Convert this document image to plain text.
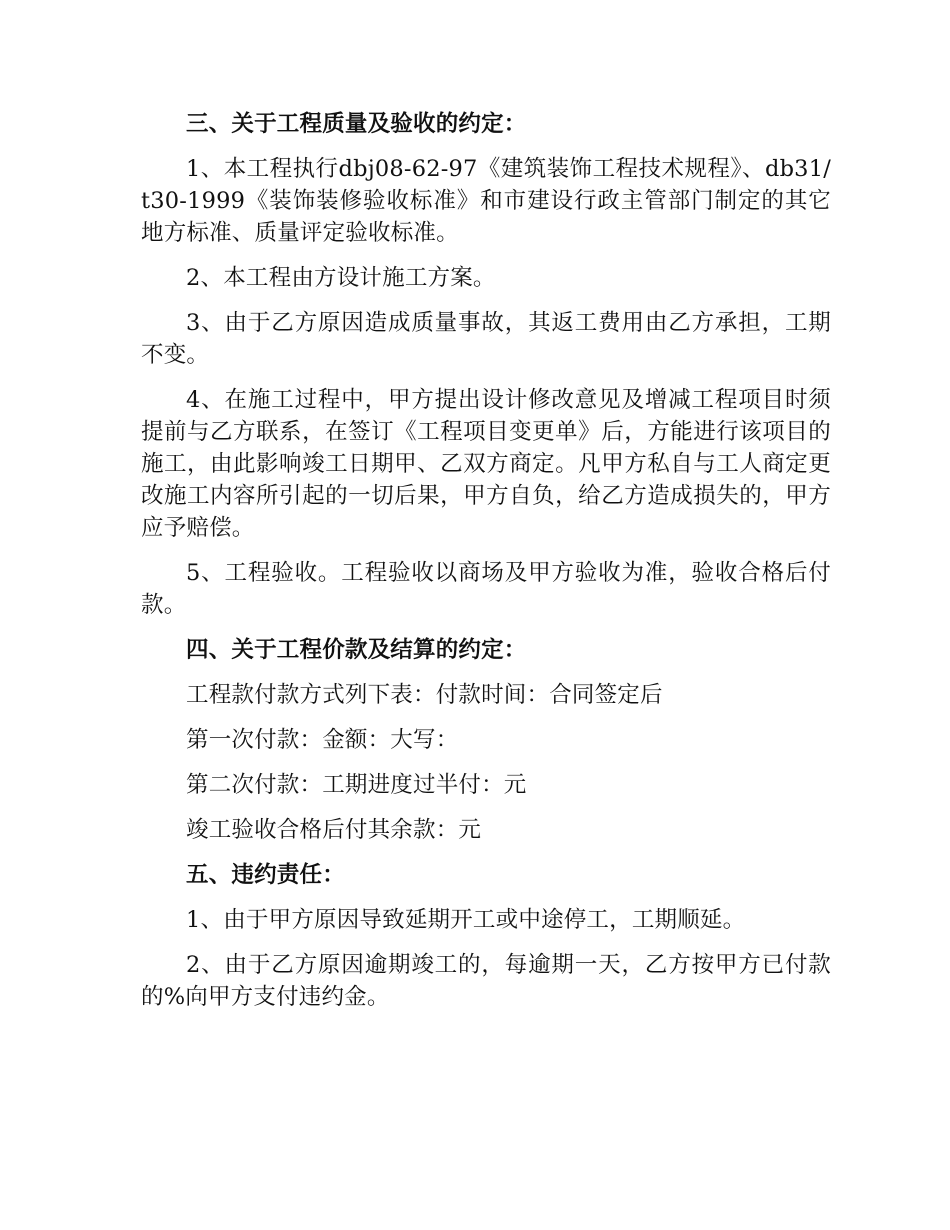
三、关于工程质量及验收的约定：

1、本工程执行dbj08-62-97《建筑装饰工程技术规程》、db31/t30-1999《装饰装修验收标准》和市建设行政主管部门制定的其它地方标准、质量评定验收标准。

2、本工程由方设计施工方案。

3、由于乙方原因造成质量事故，其返工费用由乙方承担，工期不变。

4、在施工过程中，甲方提出设计修改意见及增减工程项目时须提前与乙方联系，在签订《工程项目变更单》后，方能进行该项目的施工，由此影响竣工日期甲、乙双方商定。凡甲方私自与工人商定更改施工内容所引起的一切后果，甲方自负，给乙方造成损失的，甲方应予赔偿。

5、工程验收。工程验收以商场及甲方验收为准，验收合格后付款。

四、关于工程价款及结算的约定：

工程款付款方式列下表：付款时间：合同签定后

第一次付款：金额：大写：

第二次付款：工期进度过半付：元

竣工验收合格后付其余款：元

五、违约责任：

1、由于甲方原因导致延期开工或中途停工，工期顺延。

2、由于乙方原因逾期竣工的，每逾期一天，乙方按甲方已付款的%向甲方支付违约金。
